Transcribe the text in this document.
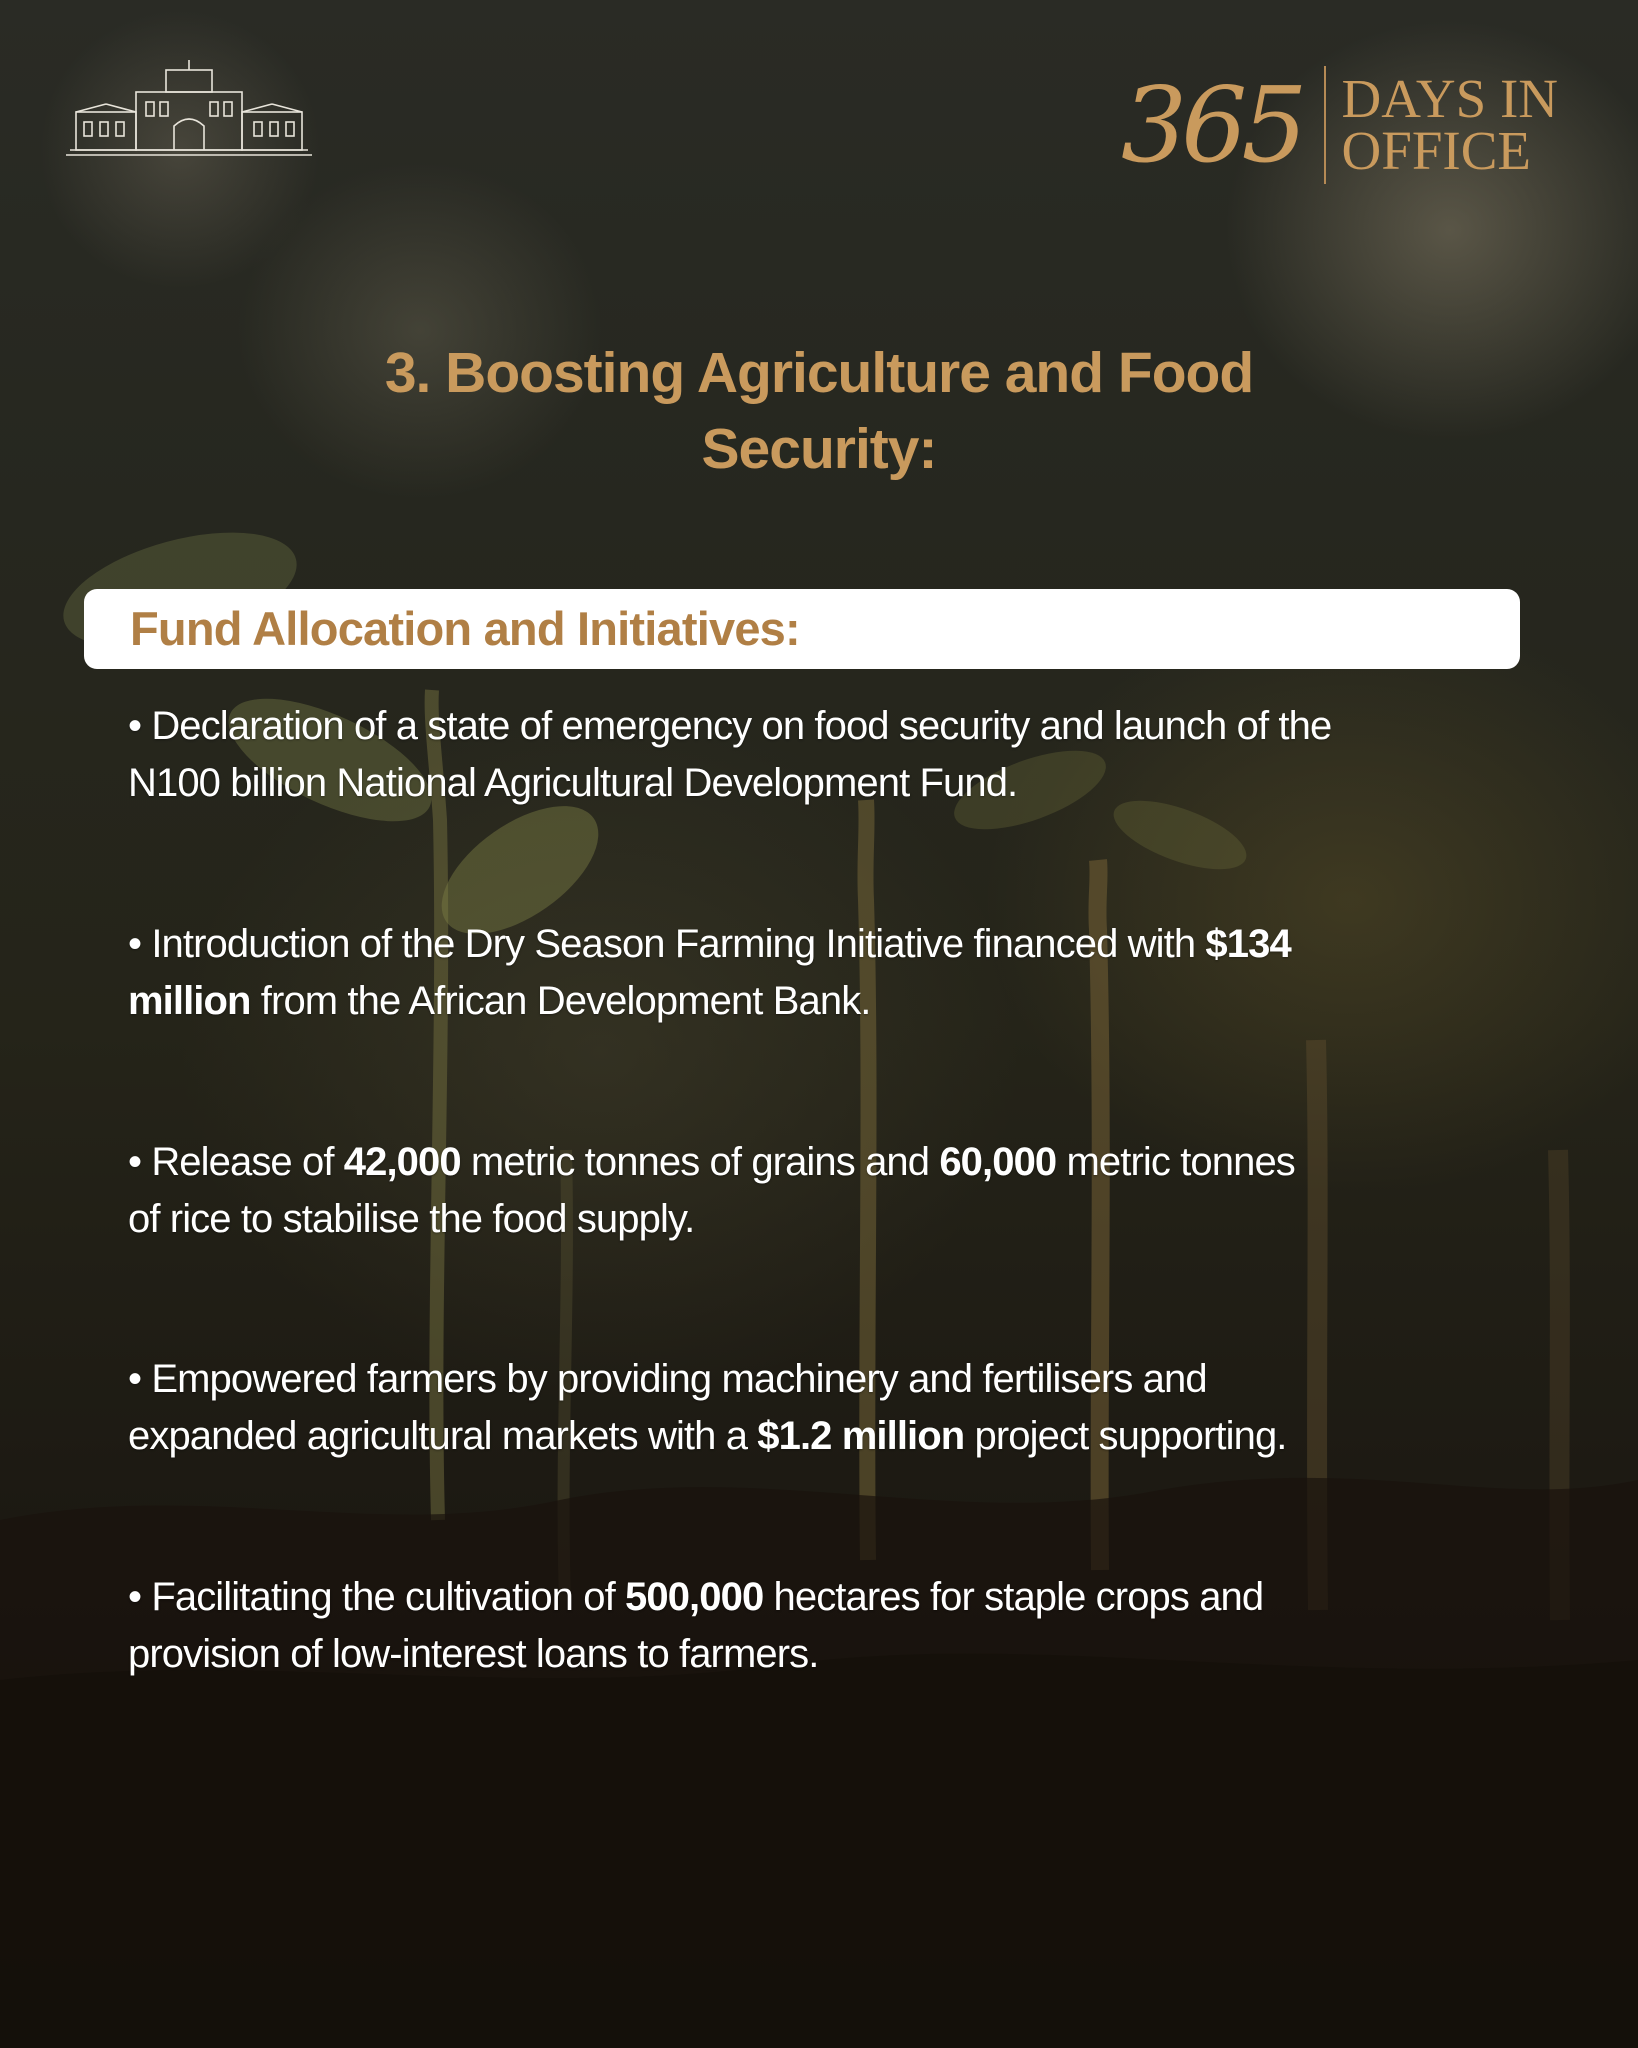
365 DAYS IN
OFFICE
3. Boosting Agriculture and Food
Security:
Fund Allocation and Initiatives:
• Declaration of a state of emergency on food security and launch of the
N100 billion National Agricultural Development Fund.
• Introduction of the Dry Season Farming Initiative financed with $134
million from the African Development Bank.
• Release of 42,000 metric tonnes of grains and 60,000 metric tonnes
of rice to stabilise the food supply.
• Empowered farmers by providing machinery and fertilisers and
expanded agricultural markets with a $1.2 million project supporting.
• Facilitating the cultivation of 500,000 hectares for staple crops and
provision of low-interest loans to farmers.
